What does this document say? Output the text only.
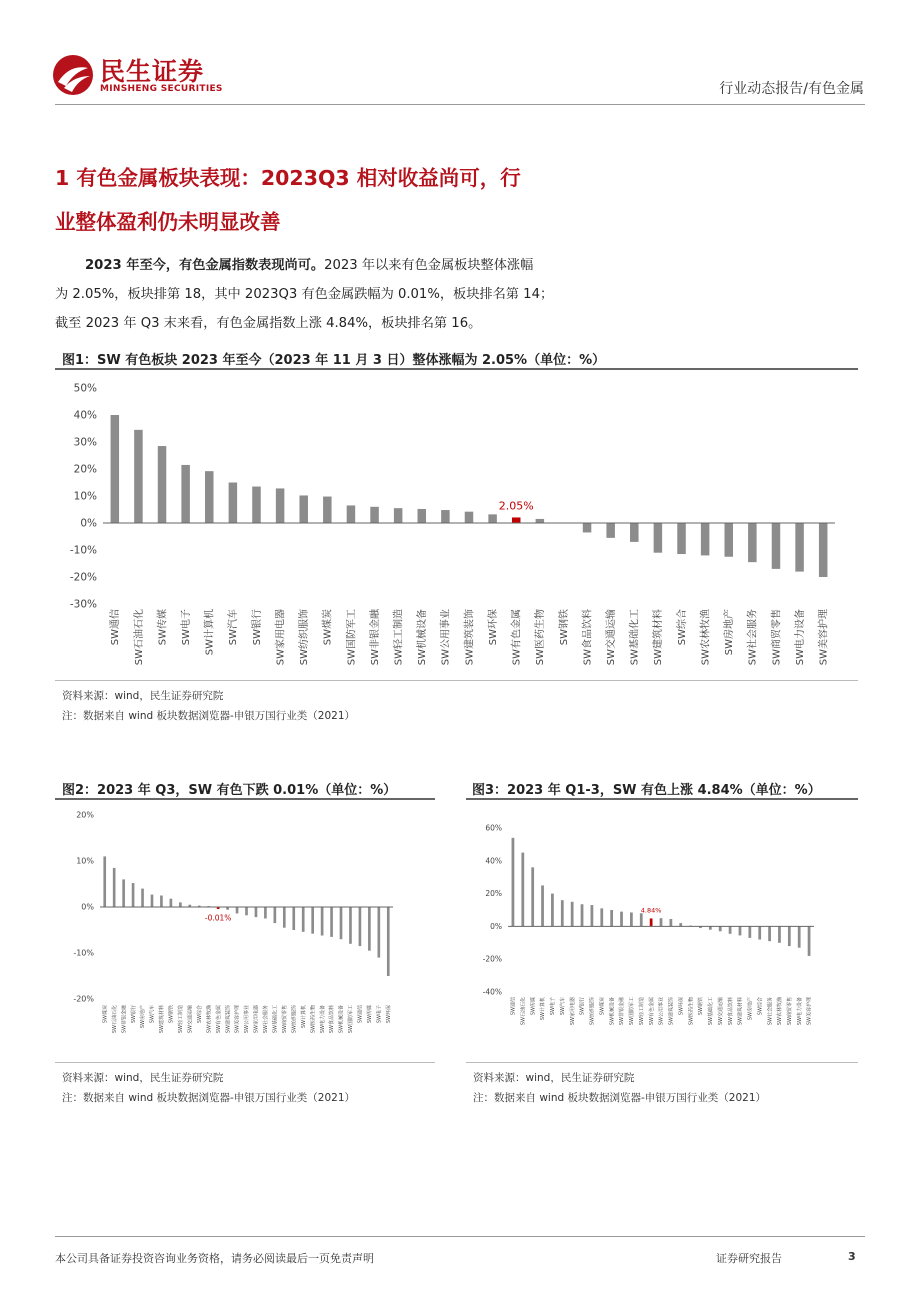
民生证券
MINSHENG SECURITIES	行业动态报告/有色金属
1 有色金属板块表现：2023Q3 相对收益尚可，行
业整体盈利仍未明显改善
2023 年至今，有色金属指数表现尚可。2023 年以来有色金属板块整体涨幅
为 2.05%，板块排第 18，其中 2023Q3 有色金属跌幅为 0.01%，板块排名第 14；
截至 2023 年 Q3 末来看，有色金属指数上涨 4.84%，板块排名第 16。
图1：SW 有色板块 2023 年至今（2023 年 11 月 3 日）整体涨幅为 2.05%（单位：%）
50%
40%
30%
20%
10%
0%
-10%
-20%
-30%
SW通信 SW石油石化 SW传媒 SW电子 SW计算机 SW汽车 SW银行 SW家用电器 SW纺织服饰 SW煤炭 SW国防军工 SW非银金融 SW轻工制造 SW机械设备 SW公用事业 SW建筑装饰 SW环保 SW有色金属 SW医药生物 SW钢铁 SW食品饮料 SW交通运输 SW基础化工 SW建筑材料 SW综合 SW农林牧渔 SW房地产 SW社会服务 SW商贸零售 SW电力设备 SW美容护理
2.05%
资料来源：wind，民生证券研究院
注：数据来自 wind 板块数据浏览器-申银万国行业类（2021）
图2：2023 年 Q3，SW 有色下跌 0.01%（单位：%）
20%
10%
0%
-10%
-20%
SW煤炭 SW石油石化 SW非银金融 SW银行 SW房地产 SW汽车 SW建筑材料 SW钢铁 SW轻工制造 SW交通运输 SW综合 SW农林牧渔 SW有色金属 SW建筑装饰 SW美容护理 SW公用事业 SW家用电器 SW社会服务 SW基础化工 SW商贸零售 SW纺织服饰 SW计算机 SW医药生物 SW电力设备 SW食品饮料 SW机械设备 SW国防军工 SW通信 SW传媒 SW电子 SW环保
-0.01%
资料来源：wind，民生证券研究院
注：数据来自 wind 板块数据浏览器-申银万国行业类（2021）
图3：2023 年 Q1-3，SW 有色上涨 4.84%（单位：%）
60%
40%
20%
0%
-20%
-40%
SW通信 SW石油石化 SW传媒 SW计算机 SW电子 SW汽车 SW家用电器 SW银行 SW纺织服饰 SW煤炭 SW机械设备 SW非银金融 SW国防军工 SW轻工制造 SW有色金属 SW公用事业 SW建筑装饰 SW环保 SW医药生物 SW钢铁 SW基础化工 SW交通运输 SW食品饮料 SW建筑材料 SW房地产 SW综合 SW社会服务 SW农林牧渔 SW商贸零售 SW电力设备 SW美容护理
4.84%
资料来源：wind，民生证券研究院
注：数据来自 wind 板块数据浏览器-申银万国行业类（2021）
本公司具备证券投资咨询业务资格，请务必阅读最后一页免责声明	证券研究报告	3
